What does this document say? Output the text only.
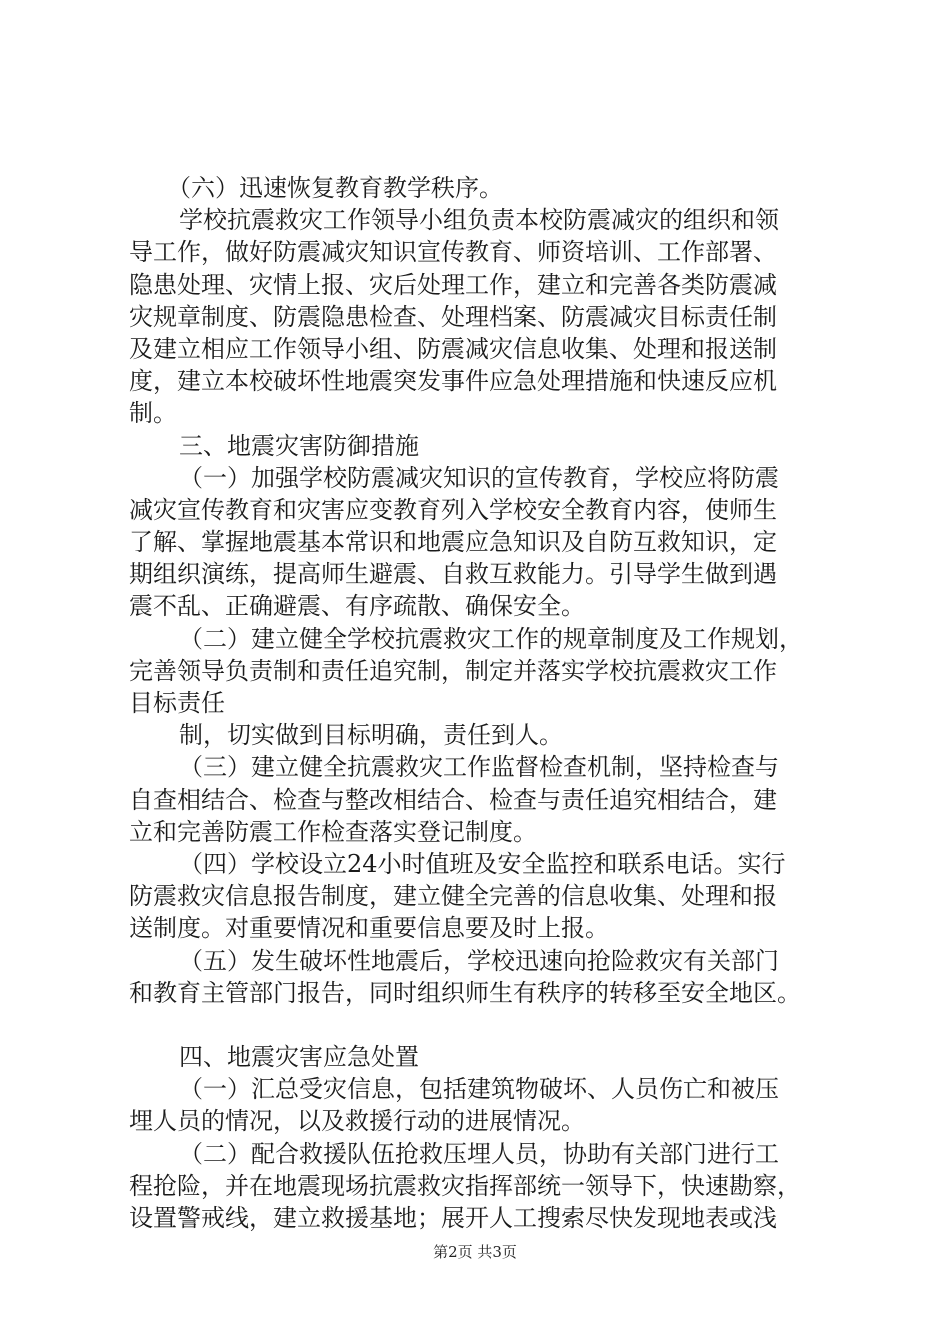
（六）迅速恢复教育教学秩序。
学校抗震救灾工作领导小组负责本校防震减灾的组织和领
导工作，做好防震减灾知识宣传教育、师资培训、工作部署、
隐患处理、灾情上报、灾后处理工作，建立和完善各类防震减
灾规章制度、防震隐患检查、处理档案、防震减灾目标责任制
及建立相应工作领导小组、防震减灾信息收集、处理和报送制
度，建立本校破坏性地震突发事件应急处理措施和快速反应机
制。
三、地震灾害防御措施
（一）加强学校防震减灾知识的宣传教育，学校应将防震
减灾宣传教育和灾害应变教育列入学校安全教育内容，使师生
了解、掌握地震基本常识和地震应急知识及自防互救知识，定
期组织演练，提高师生避震、自救互救能力。引导学生做到遇
震不乱、正确避震、有序疏散、确保安全。
（二）建立健全学校抗震救灾工作的规章制度及工作规划，
完善领导负责制和责任追究制，制定并落实学校抗震救灾工作
目标责任
制，切实做到目标明确，责任到人。
（三）建立健全抗震救灾工作监督检查机制，坚持检查与
自查相结合、检查与整改相结合、检查与责任追究相结合，建
立和完善防震工作检查落实登记制度。
（四）学校设立24小时值班及安全监控和联系电话。实行
防震救灾信息报告制度，建立健全完善的信息收集、处理和报
送制度。对重要情况和重要信息要及时上报。
（五）发生破坏性地震后，学校迅速向抢险救灾有关部门
和教育主管部门报告，同时组织师生有秩序的转移至安全地区。
四、地震灾害应急处置
（一）汇总受灾信息，包括建筑物破坏、人员伤亡和被压
埋人员的情况，以及救援行动的进展情况。
（二）配合救援队伍抢救压埋人员，协助有关部门进行工
程抢险，并在地震现场抗震救灾指挥部统一领导下，快速勘察，
设置警戒线，建立救援基地；展开人工搜索尽快发现地表或浅
第2页 共3页
